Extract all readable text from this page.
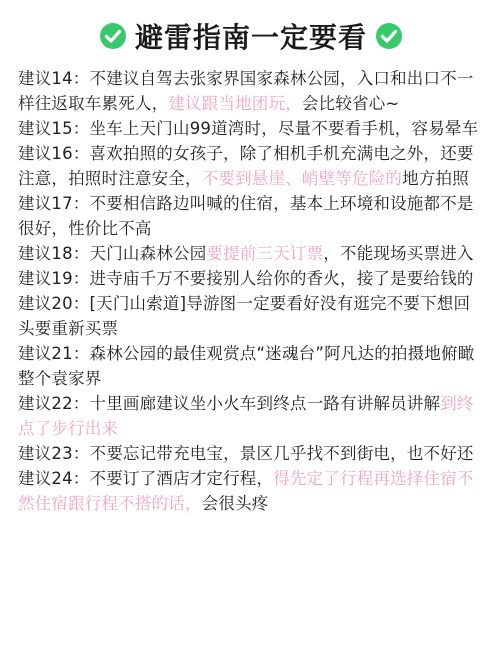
避雷指南一定要看
建议14：不建议自驾去张家界国家森林公园，入口和出口不一样往返取车累死人，建议跟当地团玩，会比较省心~
建议15：坐车上天门山99道湾时，尽量不要看手机，容易晕车
建议16：喜欢拍照的女孩子，除了相机手机充满电之外，还要注意，拍照时注意安全，不要到悬崖、峭壁等危险的地方拍照
建议17：不要相信路边叫喊的住宿，基本上环境和设施都不是很好，性价比不高
建议18：天门山森林公园要提前三天订票，不能现场买票进入
建议19：进寺庙千万不要接别人给你的香火，接了是要给钱的
建议20：[天门山索道]导游图一定要看好没有逛完不要下想回头要重新买票
建议21：森林公园的最佳观赏点“迷魂台”阿凡达的拍摄地俯瞰整个袁家界
建议22：十里画廊建议坐小火车到终点一路有讲解员讲解到终点了步行出来
建议23：不要忘记带充电宝，景区几乎找不到街电，也不好还
建议24：不要订了酒店才定行程，得先定了行程再选择住宿不然住宿跟行程不搭的话，会很头疼
